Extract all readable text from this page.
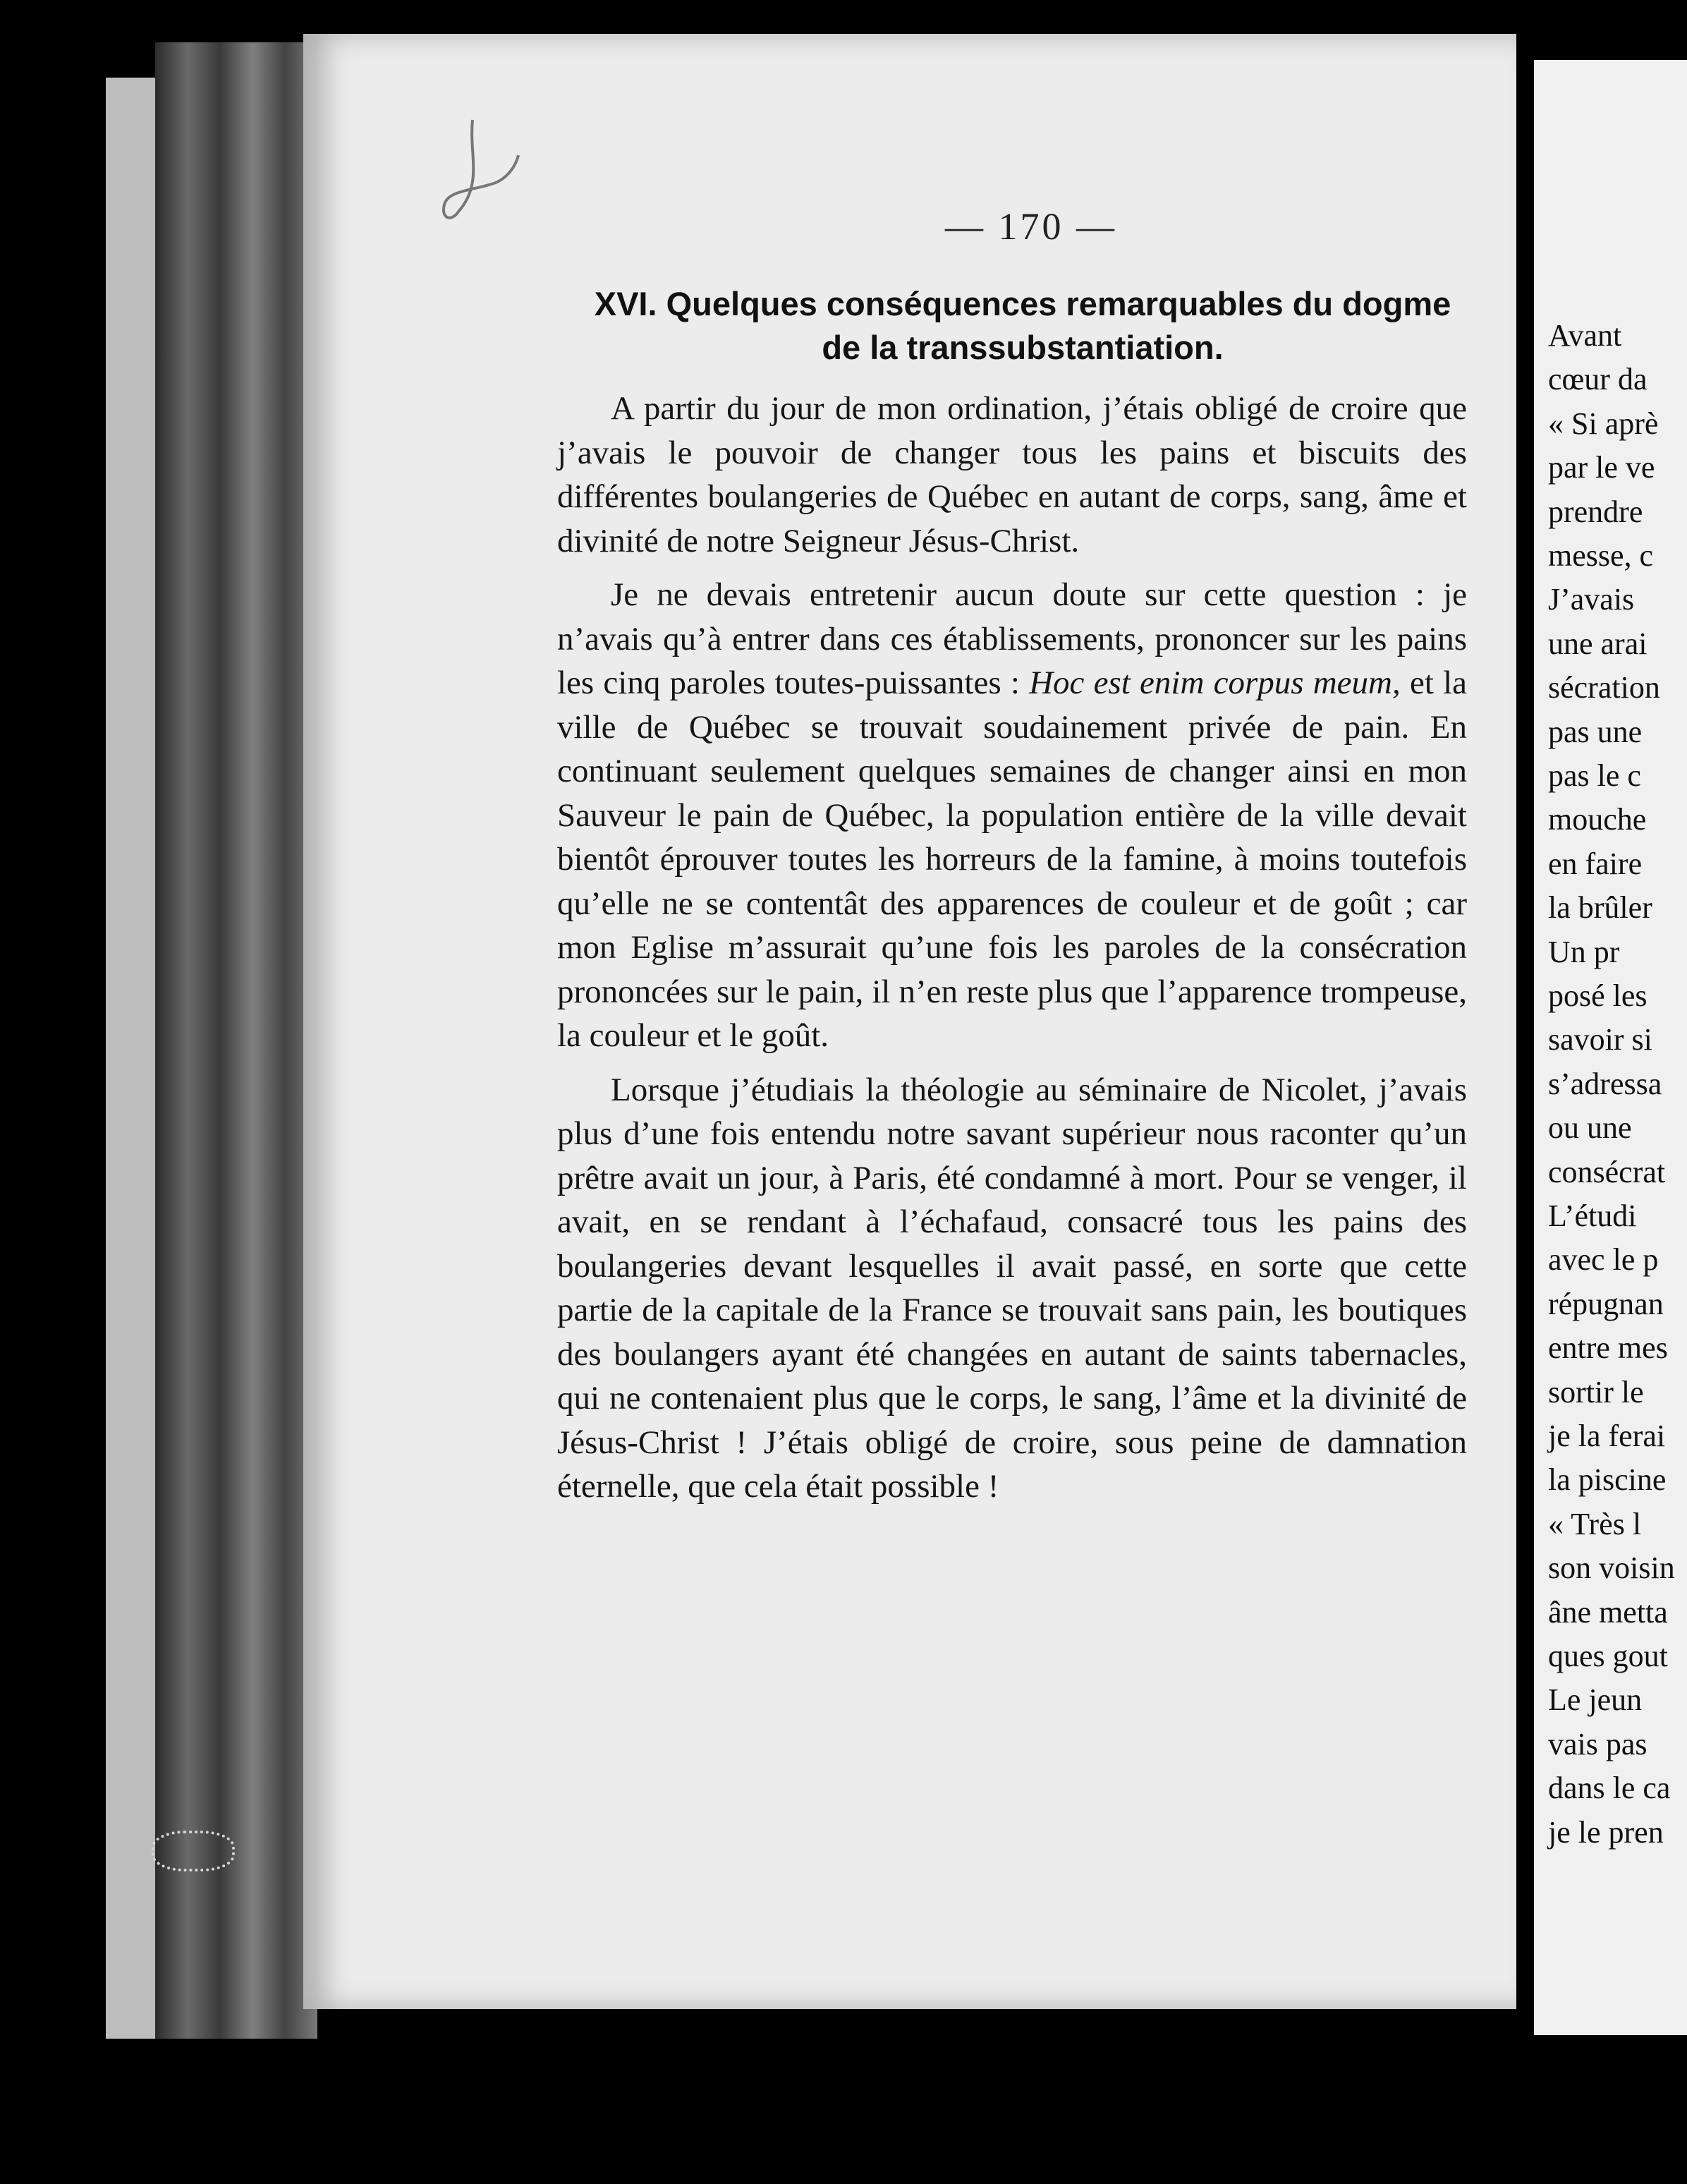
— 170 —
XVI. Quelques conséquences remarquables du dogme de la transsubstantiation.

A partir du jour de mon ordination, j’étais obligé de croire que j’avais le pouvoir de changer tous les pains et biscuits des différentes boulangeries de Québec en autant de corps, sang, âme et divinité de notre Seigneur Jésus-Christ.

Je ne devais entretenir aucun doute sur cette question : je n’avais qu’à entrer dans ces établissements, prononcer sur les pains les cinq paroles toutes-puissantes : Hoc est enim corpus meum, et la ville de Québec se trouvait soudainement privée de pain. En continuant seulement quelques semaines de changer ainsi en mon Sauveur le pain de Québec, la population entière de la ville devait bientôt éprouver toutes les horreurs de la famine, à moins toutefois qu’elle ne se contentât des apparences de couleur et de goût ; car mon Eglise m’assurait qu’une fois les paroles de la consécration prononcées sur le pain, il n’en reste plus que l’apparence trompeuse, la couleur et le goût.

Lorsque j’étudiais la théologie au séminaire de Nicolet, j’avais plus d’une fois entendu notre savant supérieur nous raconter qu’un prêtre avait un jour, à Paris, été condamné à mort. Pour se venger, il avait, en se rendant à l’échafaud, consacré tous les pains des boulangeries devant lesquelles il avait passé, en sorte que cette partie de la capitale de la France se trouvait sans pain, les boutiques des boulangers ayant été changées en autant de saints tabernacles, qui ne contenaient plus que le corps, le sang, l’âme et la divinité de Jésus-Christ ! J’étais obligé de croire, sous peine de damnation éternelle, que cela était possible !

Avant
cœur da
« Si aprè
par le ve
prendre
messe, c
J’avais
une arai
sécration
pas une
pas le c
mouche
en faire
la brûler
Un pr
posé les
savoir si
s’adressa
ou une
consécrat
L’étudi
avec le p
répugnan
entre mes
sortir le
je la ferai
la piscine
« Très l
son voisin
âne metta
ques gout
Le jeun
vais pas
dans le ca
je le pren
